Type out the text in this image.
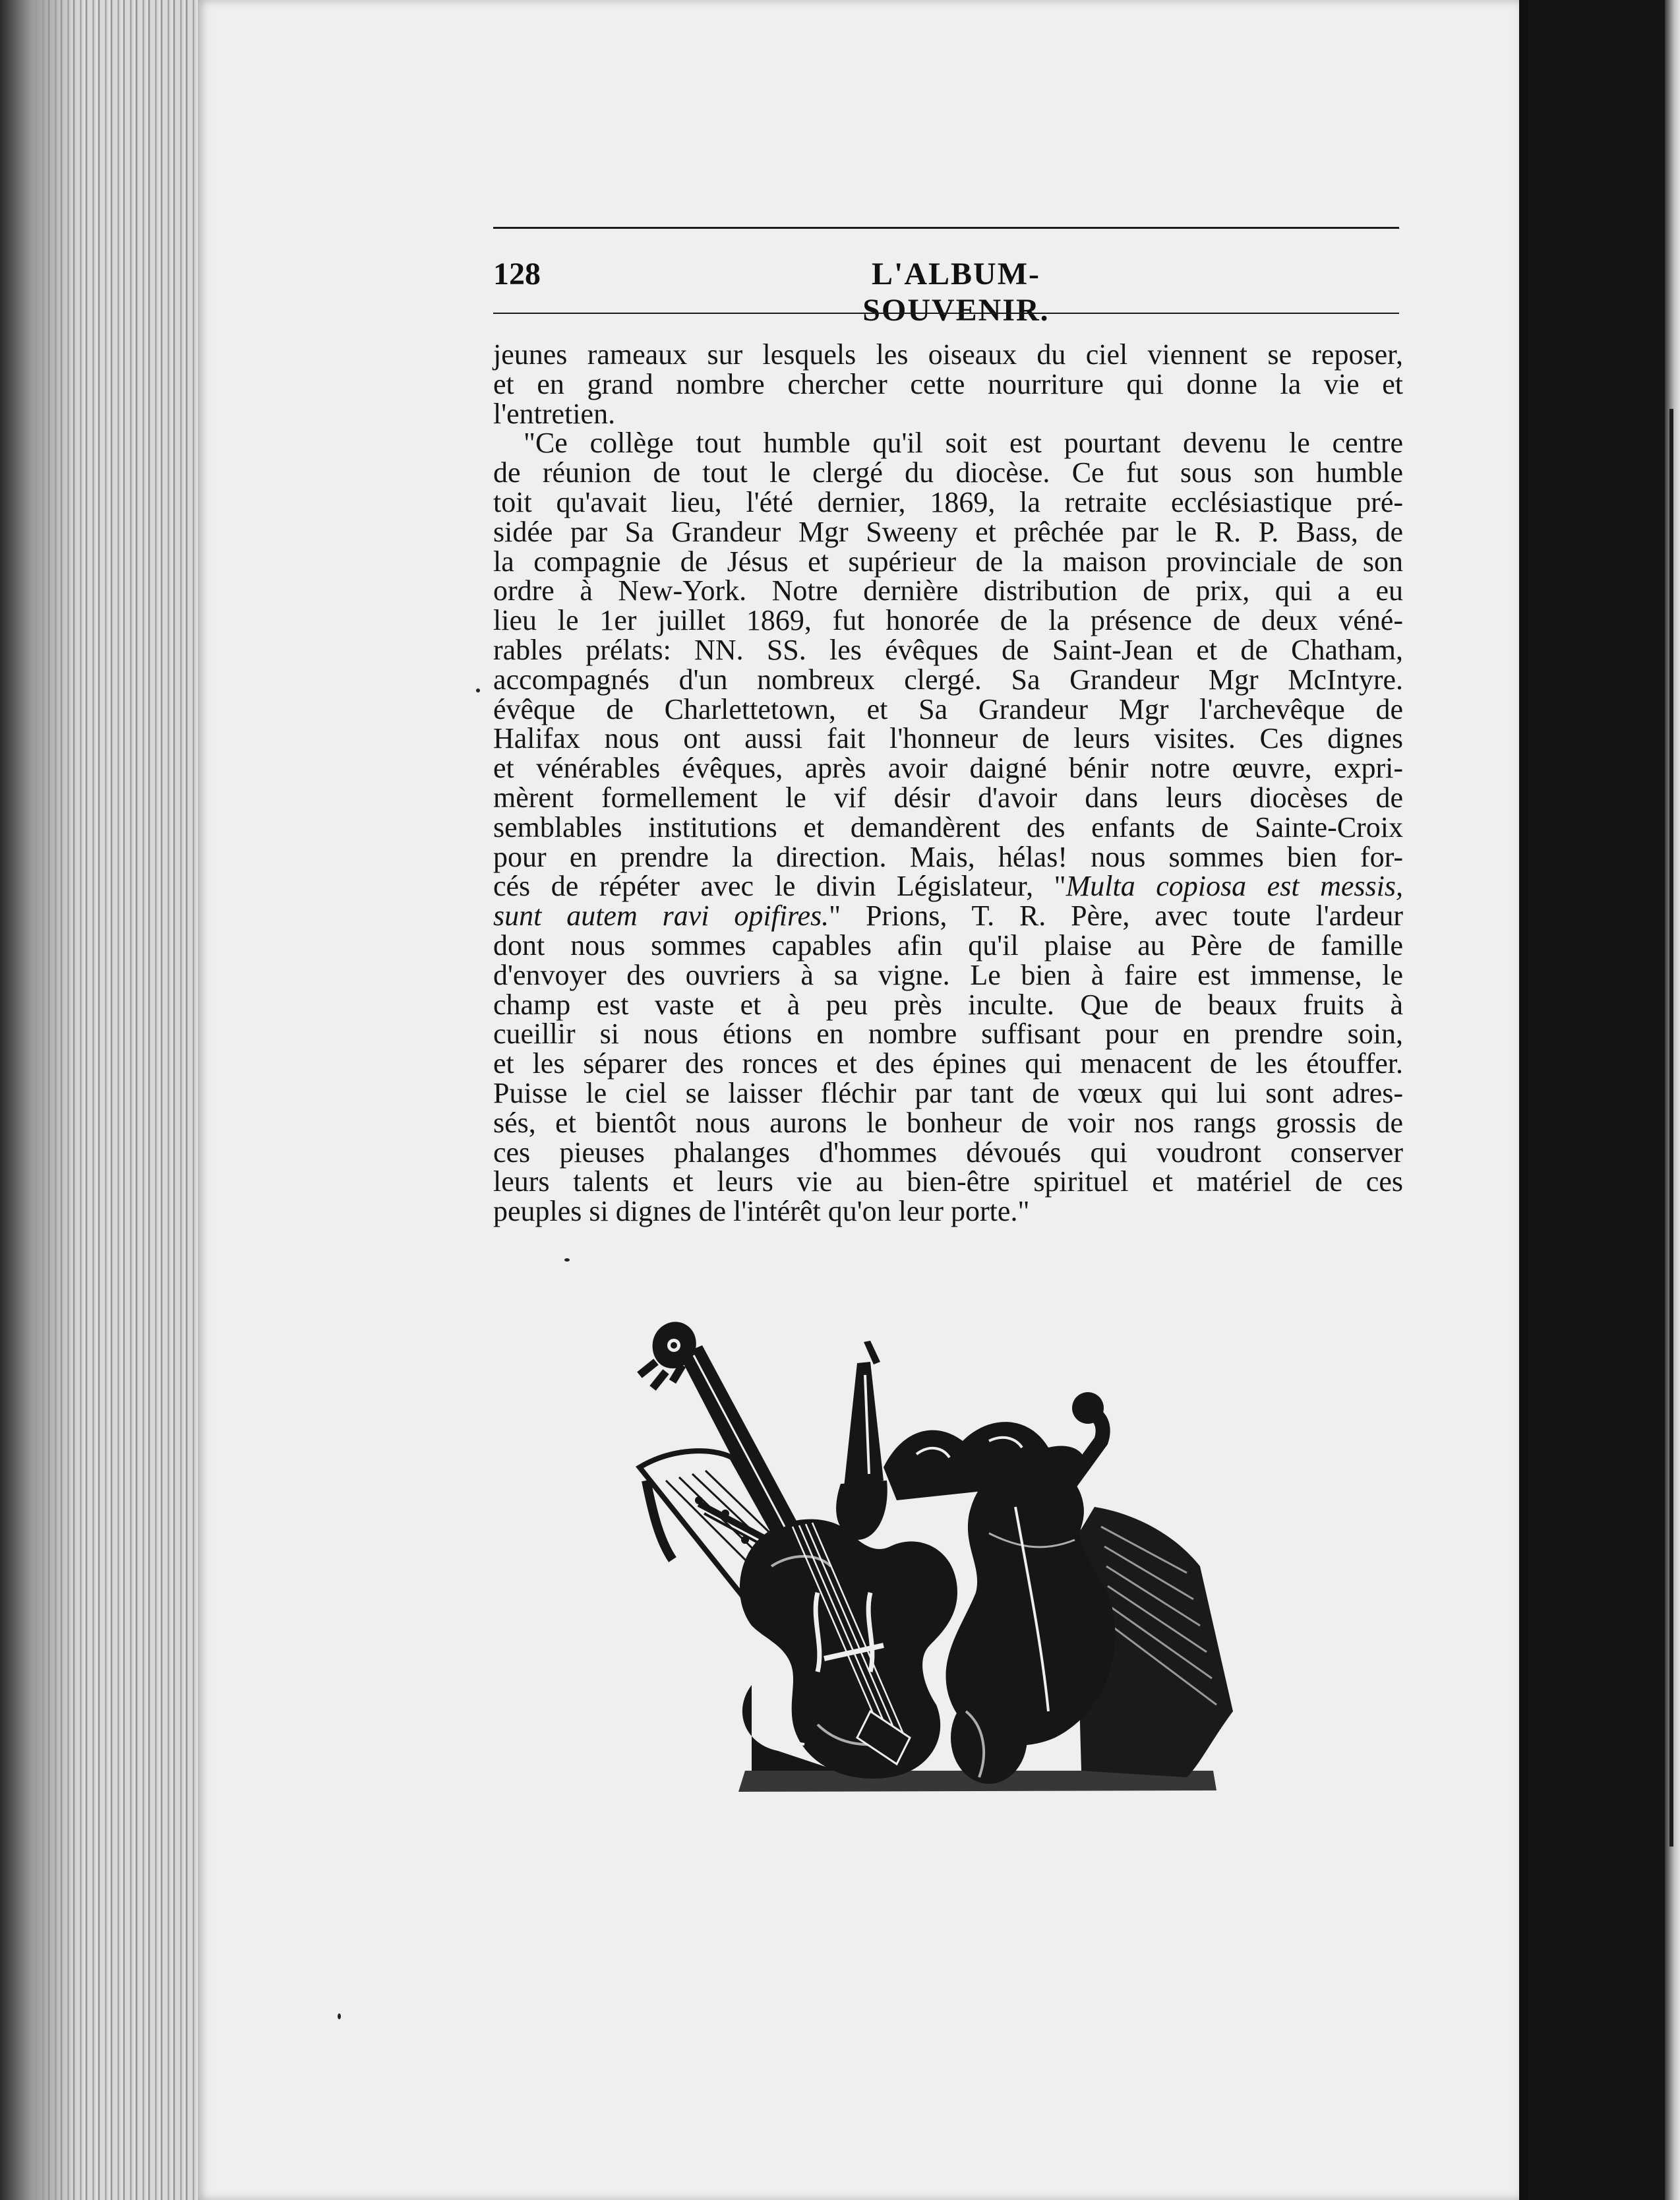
128	L'ALBUM-SOUVENIR.
jeunes rameaux sur lesquels les oiseaux du ciel viennent se reposer,
et en grand nombre chercher cette nourriture qui donne la vie et
l'entretien.
"Ce collège tout humble qu'il soit est pourtant devenu le centre
de réunion de tout le clergé du diocèse. Ce fut sous son humble
toit qu'avait lieu, l'été dernier, 1869, la retraite ecclésiastique pré-
sidée par Sa Grandeur Mgr Sweeny et prêchée par le R. P. Bass, de
la compagnie de Jésus et supérieur de la maison provinciale de son
ordre à New-York. Notre dernière distribution de prix, qui a eu
lieu le 1er juillet 1869, fut honorée de la présence de deux véné-
rables prélats: NN. SS. les évêques de Saint-Jean et de Chatham,
accompagnés d'un nombreux clergé. Sa Grandeur Mgr McIntyre.
évêque de Charlettetown, et Sa Grandeur Mgr l'archevêque de
Halifax nous ont aussi fait l'honneur de leurs visites. Ces dignes
et vénérables évêques, après avoir daigné bénir notre œuvre, expri-
mèrent formellement le vif désir d'avoir dans leurs diocèses de
semblables institutions et demandèrent des enfants de Sainte-Croix
pour en prendre la direction. Mais, hélas! nous sommes bien for-
cés de répéter avec le divin Législateur, "Multa copiosa est messis,
sunt autem ravi opifires." Prions, T. R. Père, avec toute l'ardeur
dont nous sommes capables afin qu'il plaise au Père de famille
d'envoyer des ouvriers à sa vigne. Le bien à faire est immense, le
champ est vaste et à peu près inculte. Que de beaux fruits à
cueillir si nous étions en nombre suffisant pour en prendre soin,
et les séparer des ronces et des épines qui menacent de les étouffer.
Puisse le ciel se laisser fléchir par tant de vœux qui lui sont adres-
sés, et bientôt nous aurons le bonheur de voir nos rangs grossis de
ces pieuses phalanges d'hommes dévoués qui voudront conserver
leurs talents et leurs vie au bien-être spirituel et matériel de ces
peuples si dignes de l'intérêt qu'on leur porte."
